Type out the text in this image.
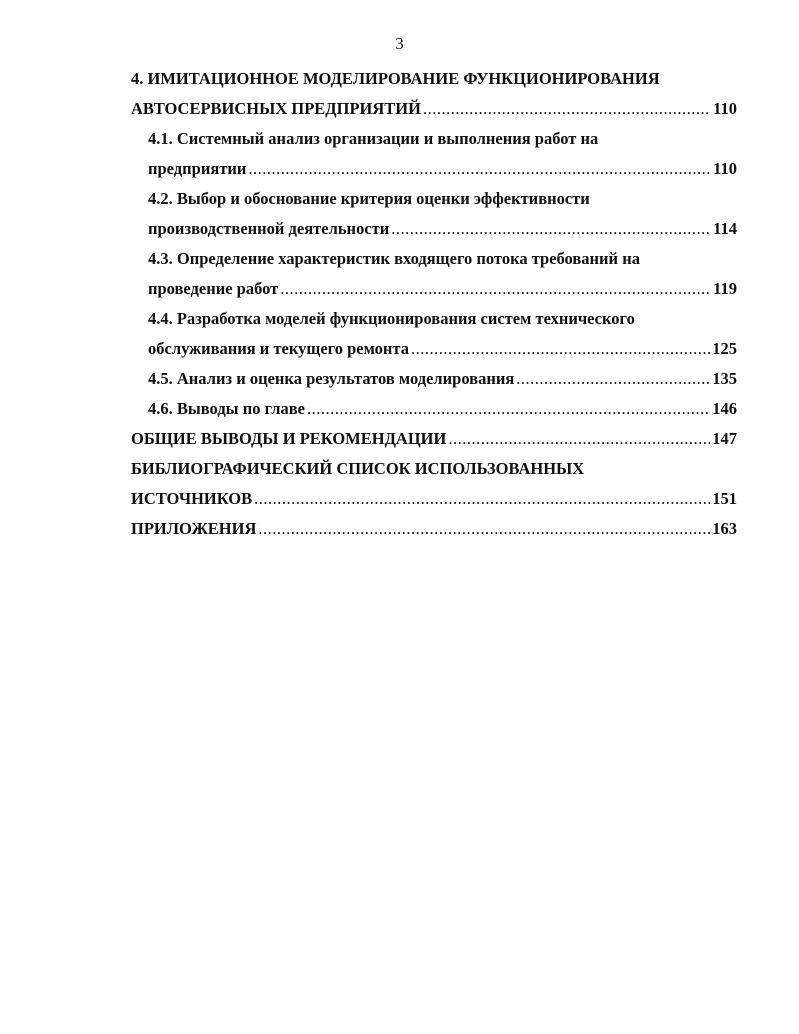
3
4. ИМИТАЦИОННОЕ МОДЕЛИРОВАНИЕ ФУНКЦИОНИРОВАНИЯ
АВТОСЕРВИСНЫХ ПРЕДПРИЯТИЙ .....	110
4.1. Системный анализ организации и выполнения работ на
предприятии .....	110
4.2. Выбор и обоснование критерия оценки эффективности
производственной деятельности .....	114
4.3. Определение характеристик входящего потока требований на
проведение работ .....	119
4.4. Разработка моделей функционирования систем технического
обслуживания и текущего ремонта .....	125
4.5. Анализ и оценка результатов моделирования .....	135
4.6. Выводы по главе .....	146
ОБЩИЕ ВЫВОДЫ И РЕКОМЕНДАЦИИ .....	147
БИБЛИОГРАФИЧЕСКИЙ СПИСОК ИСПОЛЬЗОВАННЫХ
ИСТОЧНИКОВ .....	151
ПРИЛОЖЕНИЯ .....	163
